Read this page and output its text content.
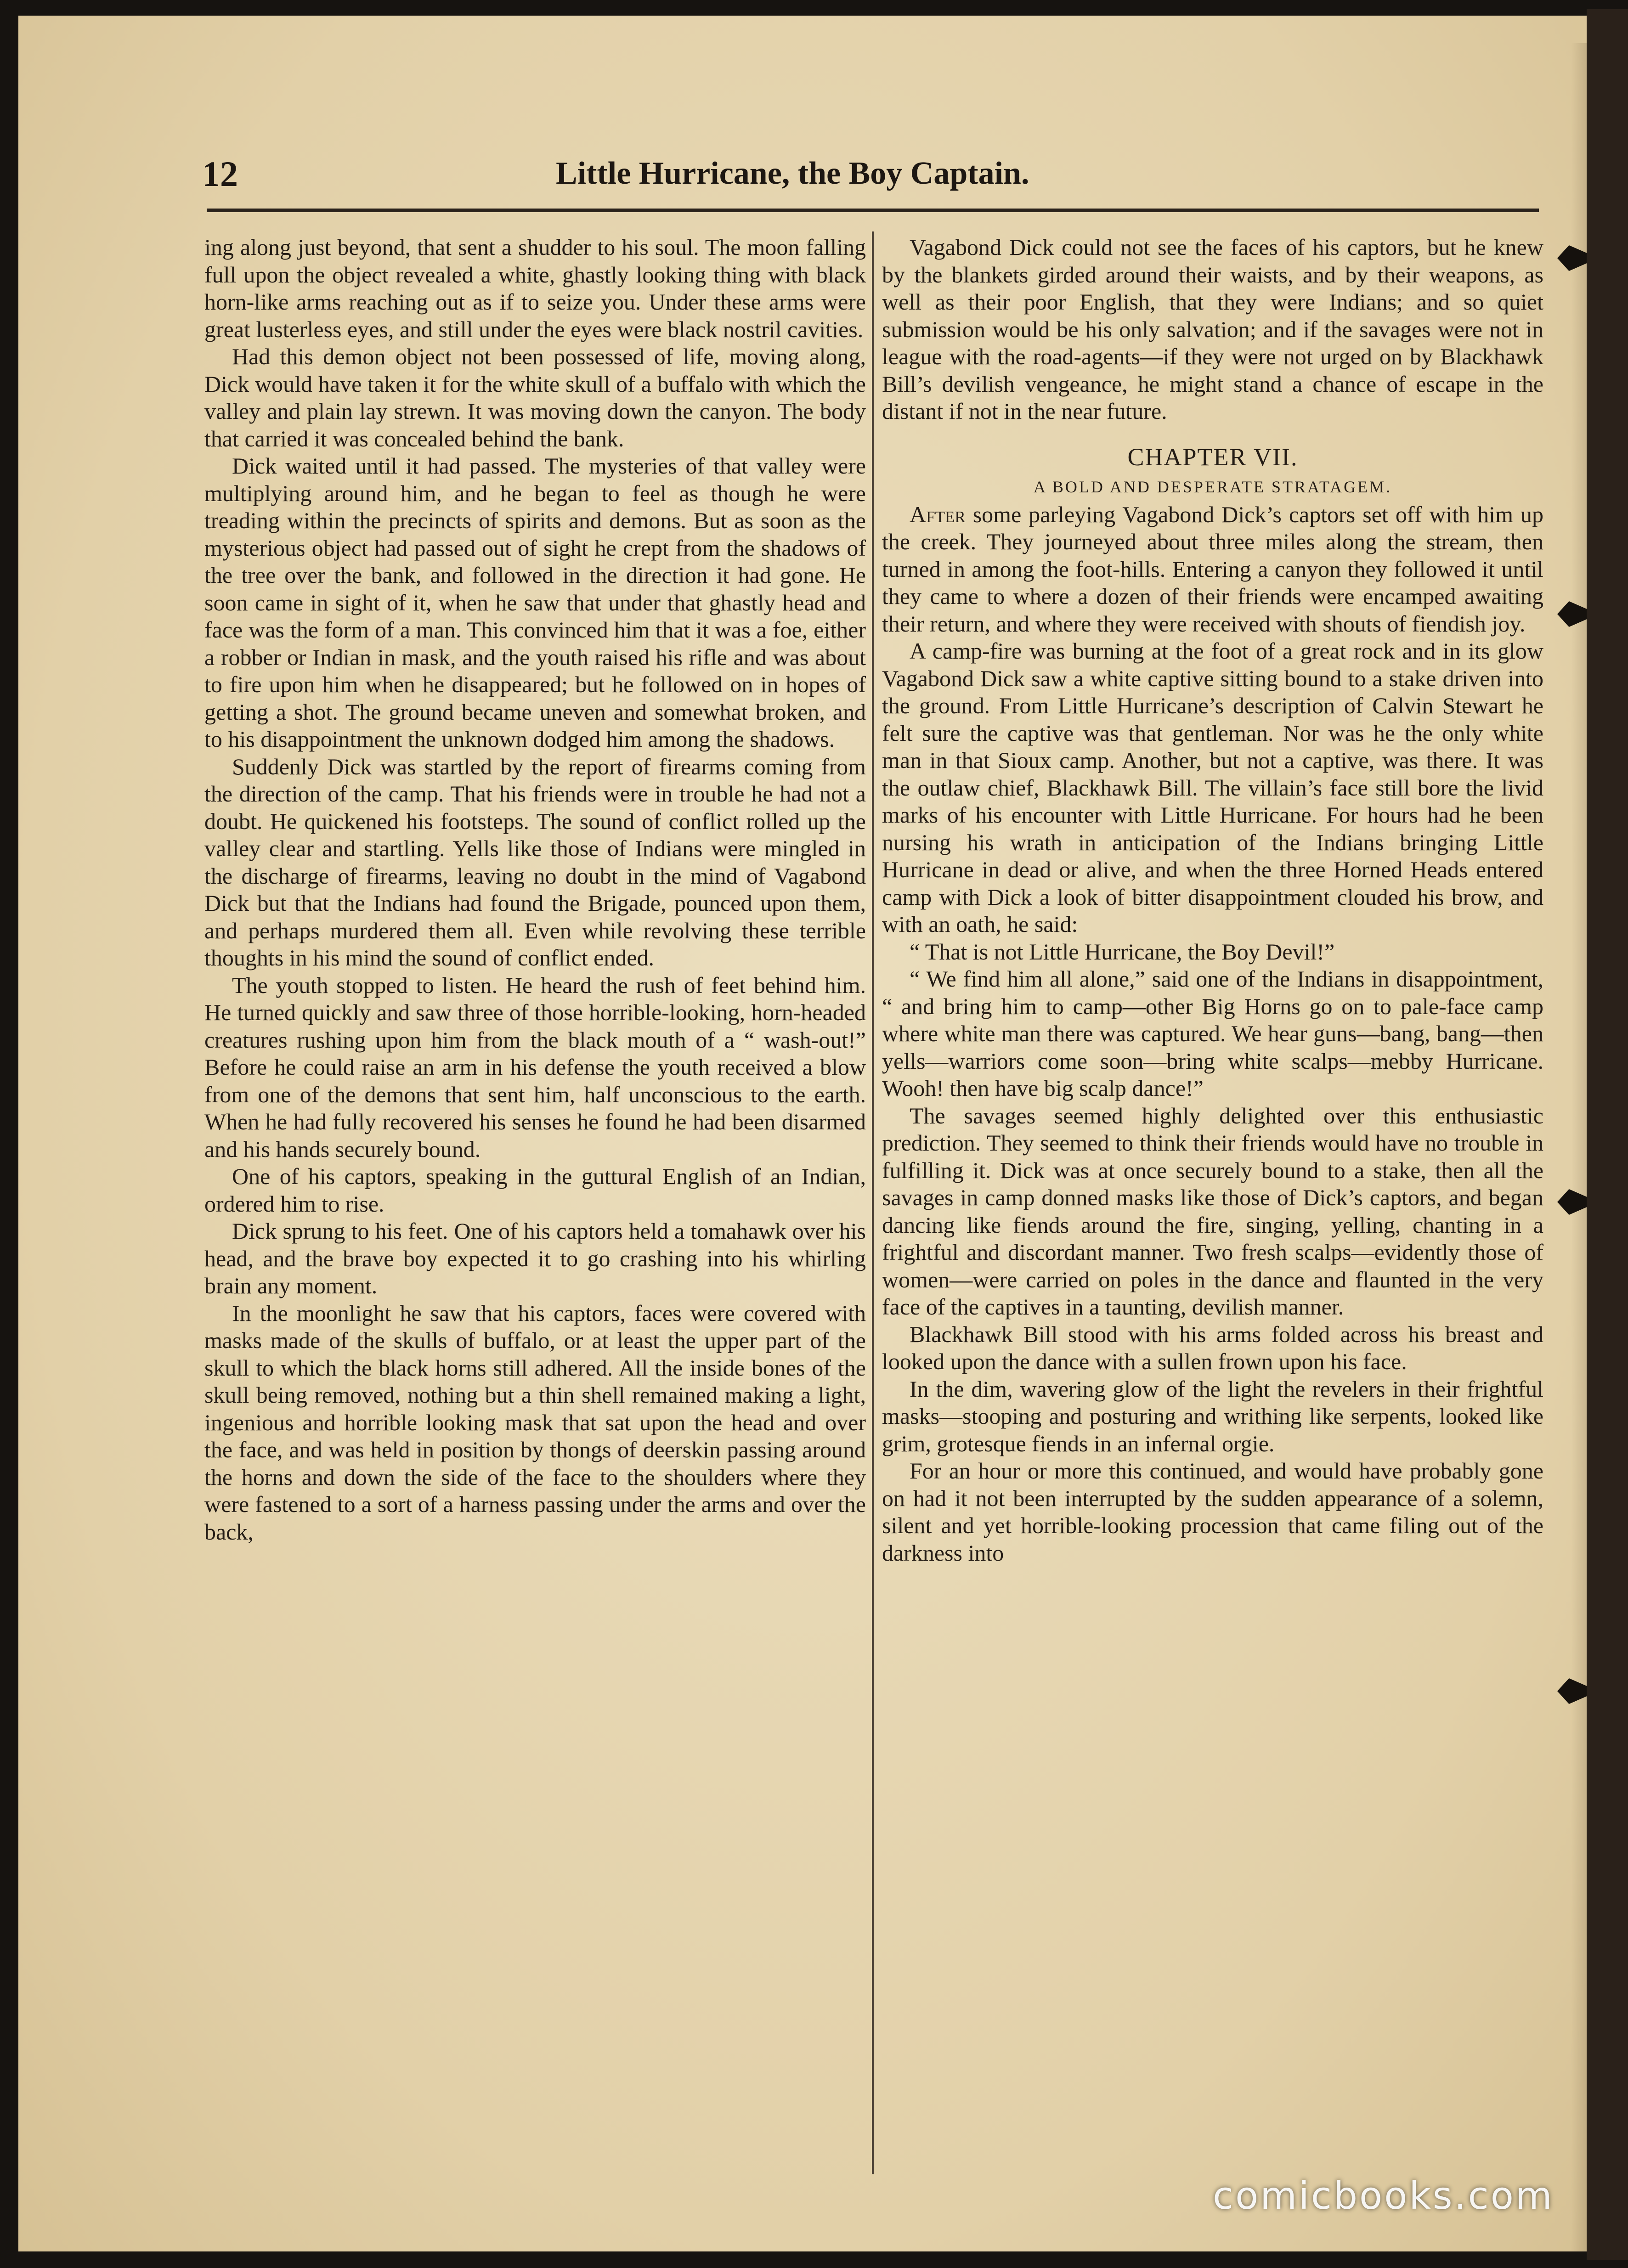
12	Little Hurricane, the Boy Captain.

ing along just beyond, that sent a shudder to his soul. The moon falling full upon the object revealed a white, ghastly looking thing with black horn-like arms reaching out as if to seize you. Under these arms were great lusterless eyes, and still under the eyes were black nostril cavities.

Had this demon object not been possessed of life, moving along, Dick would have taken it for the white skull of a buffalo with which the valley and plain lay strewn. It was moving down the canyon. The body that carried it was concealed behind the bank.

Dick waited until it had passed. The mysteries of that valley were multiplying around him, and he began to feel as though he were treading within the precincts of spirits and demons. But as soon as the mysterious object had passed out of sight he crept from the shadows of the tree over the bank, and followed in the direction it had gone. He soon came in sight of it, when he saw that under that ghastly head and face was the form of a man. This convinced him that it was a foe, either a robber or Indian in mask, and the youth raised his rifle and was about to fire upon him when he disappeared; but he followed on in hopes of getting a shot. The ground became uneven and somewhat broken, and to his disappointment the unknown dodged him among the shadows.

Suddenly Dick was startled by the report of firearms coming from the direction of the camp. That his friends were in trouble he had not a doubt. He quickened his footsteps. The sound of conflict rolled up the valley clear and startling. Yells like those of Indians were mingled in the discharge of firearms, leaving no doubt in the mind of Vagabond Dick but that the Indians had found the Brigade, pounced upon them, and perhaps murdered them all. Even while revolving these terrible thoughts in his mind the sound of conflict ended.

The youth stopped to listen. He heard the rush of feet behind him. He turned quickly and saw three of those horrible-looking, horn-headed creatures rushing upon him from the black mouth of a “ wash-out!” Before he could raise an arm in his defense the youth received a blow from one of the demons that sent him, half unconscious to the earth. When he had fully recovered his senses he found he had been disarmed and his hands securely bound.

One of his captors, speaking in the guttural English of an Indian, ordered him to rise.

Dick sprung to his feet. One of his captors held a tomahawk over his head, and the brave boy expected it to go crashing into his whirling brain any moment.

In the moonlight he saw that his captors, faces were covered with masks made of the skulls of buffalo, or at least the upper part of the skull to which the black horns still adhered. All the inside bones of the skull being removed, nothing but a thin shell remained making a light, ingenious and horrible looking mask that sat upon the head and over the face, and was held in position by thongs of deerskin passing around the horns and down the side of the face to the shoulders where they were fastened to a sort of a harness passing under the arms and over the back,

Vagabond Dick could not see the faces of his captors, but he knew by the blankets girded around their waists, and by their weapons, as well as their poor English, that they were Indians; and so quiet submission would be his only salvation; and if the savages were not in league with the road-agents—if they were not urged on by Blackhawk Bill’s devilish vengeance, he might stand a chance of escape in the distant if not in the near future.

CHAPTER VII.
A BOLD AND DESPERATE STRATAGEM.

After some parleying Vagabond Dick’s captors set off with him up the creek. They journeyed about three miles along the stream, then turned in among the foot-hills. Entering a canyon they followed it until they came to where a dozen of their friends were encamped awaiting their return, and where they were received with shouts of fiendish joy.

A camp-fire was burning at the foot of a great rock and in its glow Vagabond Dick saw a white captive sitting bound to a stake driven into the ground. From Little Hurricane’s description of Calvin Stewart he felt sure the captive was that gentleman. Nor was he the only white man in that Sioux camp. Another, but not a captive, was there. It was the outlaw chief, Blackhawk Bill. The villain’s face still bore the livid marks of his encounter with Little Hurricane. For hours had he been nursing his wrath in anticipation of the Indians bringing Little Hurricane in dead or alive, and when the three Horned Heads entered camp with Dick a look of bitter disappointment clouded his brow, and with an oath, he said:

“ That is not Little Hurricane, the Boy Devil!”

“ We find him all alone,” said one of the Indians in disappointment, “ and bring him to camp—other Big Horns go on to pale-face camp where white man there was captured. We hear guns—bang, bang—then yells—warriors come soon—bring white scalps—mebby Hurricane. Wooh! then have big scalp dance!”

The savages seemed highly delighted over this enthusiastic prediction. They seemed to think their friends would have no trouble in fulfilling it. Dick was at once securely bound to a stake, then all the savages in camp donned masks like those of Dick’s captors, and began dancing like fiends around the fire, singing, yelling, chanting in a frightful and discordant manner. Two fresh scalps—evidently those of women—were carried on poles in the dance and flaunted in the very face of the captives in a taunting, devilish manner.

Blackhawk Bill stood with his arms folded across his breast and looked upon the dance with a sullen frown upon his face.

In the dim, wavering glow of the light the revelers in their frightful masks—stooping and posturing and writhing like serpents, looked like grim, grotesque fiends in an infernal orgie.

For an hour or more this continued, and would have probably gone on had it not been interrupted by the sudden appearance of a solemn, silent and yet horrible-looking procession that came filing out of the darkness into

comicbooks.com
